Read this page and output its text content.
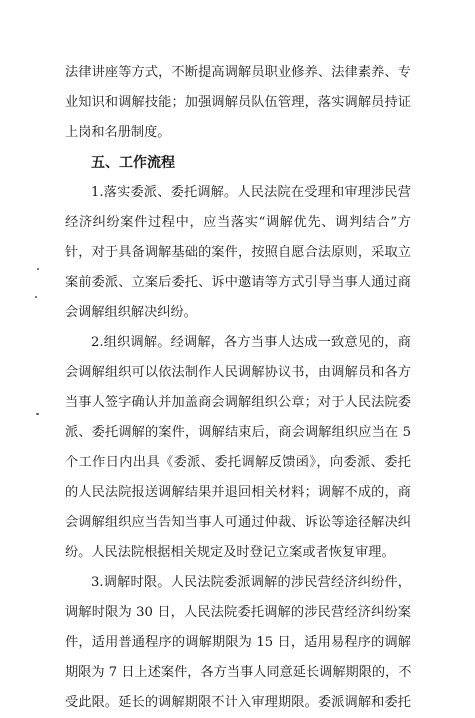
法律讲座等方式，不断提高调解员职业修养、法律素养、专
业知识和调解技能；加强调解员队伍管理，落实调解员持证
上岗和名册制度。
五、工作流程
1.落实委派、委托调解。人民法院在受理和审理涉民营
经济纠纷案件过程中，应当落实“调解优先、调判结合”方
针，对于具备调解基础的案件，按照自愿合法原则，采取立
案前委派、立案后委托、诉中邀请等方式引导当事人通过商
会调解组织解决纠纷。
2.组织调解。经调解，各方当事人达成一致意见的，商
会调解组织可以依法制作人民调解协议书，由调解员和各方
当事人签字确认并加盖商会调解组织公章；对于人民法院委
派、委托调解的案件，调解结束后，商会调解组织应当在 5
个工作日内出具《委派、委托调解反馈函》，向委派、委托
的人民法院报送调解结果并退回相关材料；调解不成的，商
会调解组织应当告知当事人可通过仲裁、诉讼等途径解决纠
纷。人民法院根据相关规定及时登记立案或者恢复审理。
3.调解时限。人民法院委派调解的涉民营经济纠纷件，
调解时限为 30 日，人民法院委托调解的涉民营经济纠纷案
件，适用普通程序的调解期限为 15 日，适用易程序的调解
期限为 7 日上述案件，各方当事人同意延长调解期限的，不
受此限。延长的调解期限不计入审理期限。委派调解和委托
